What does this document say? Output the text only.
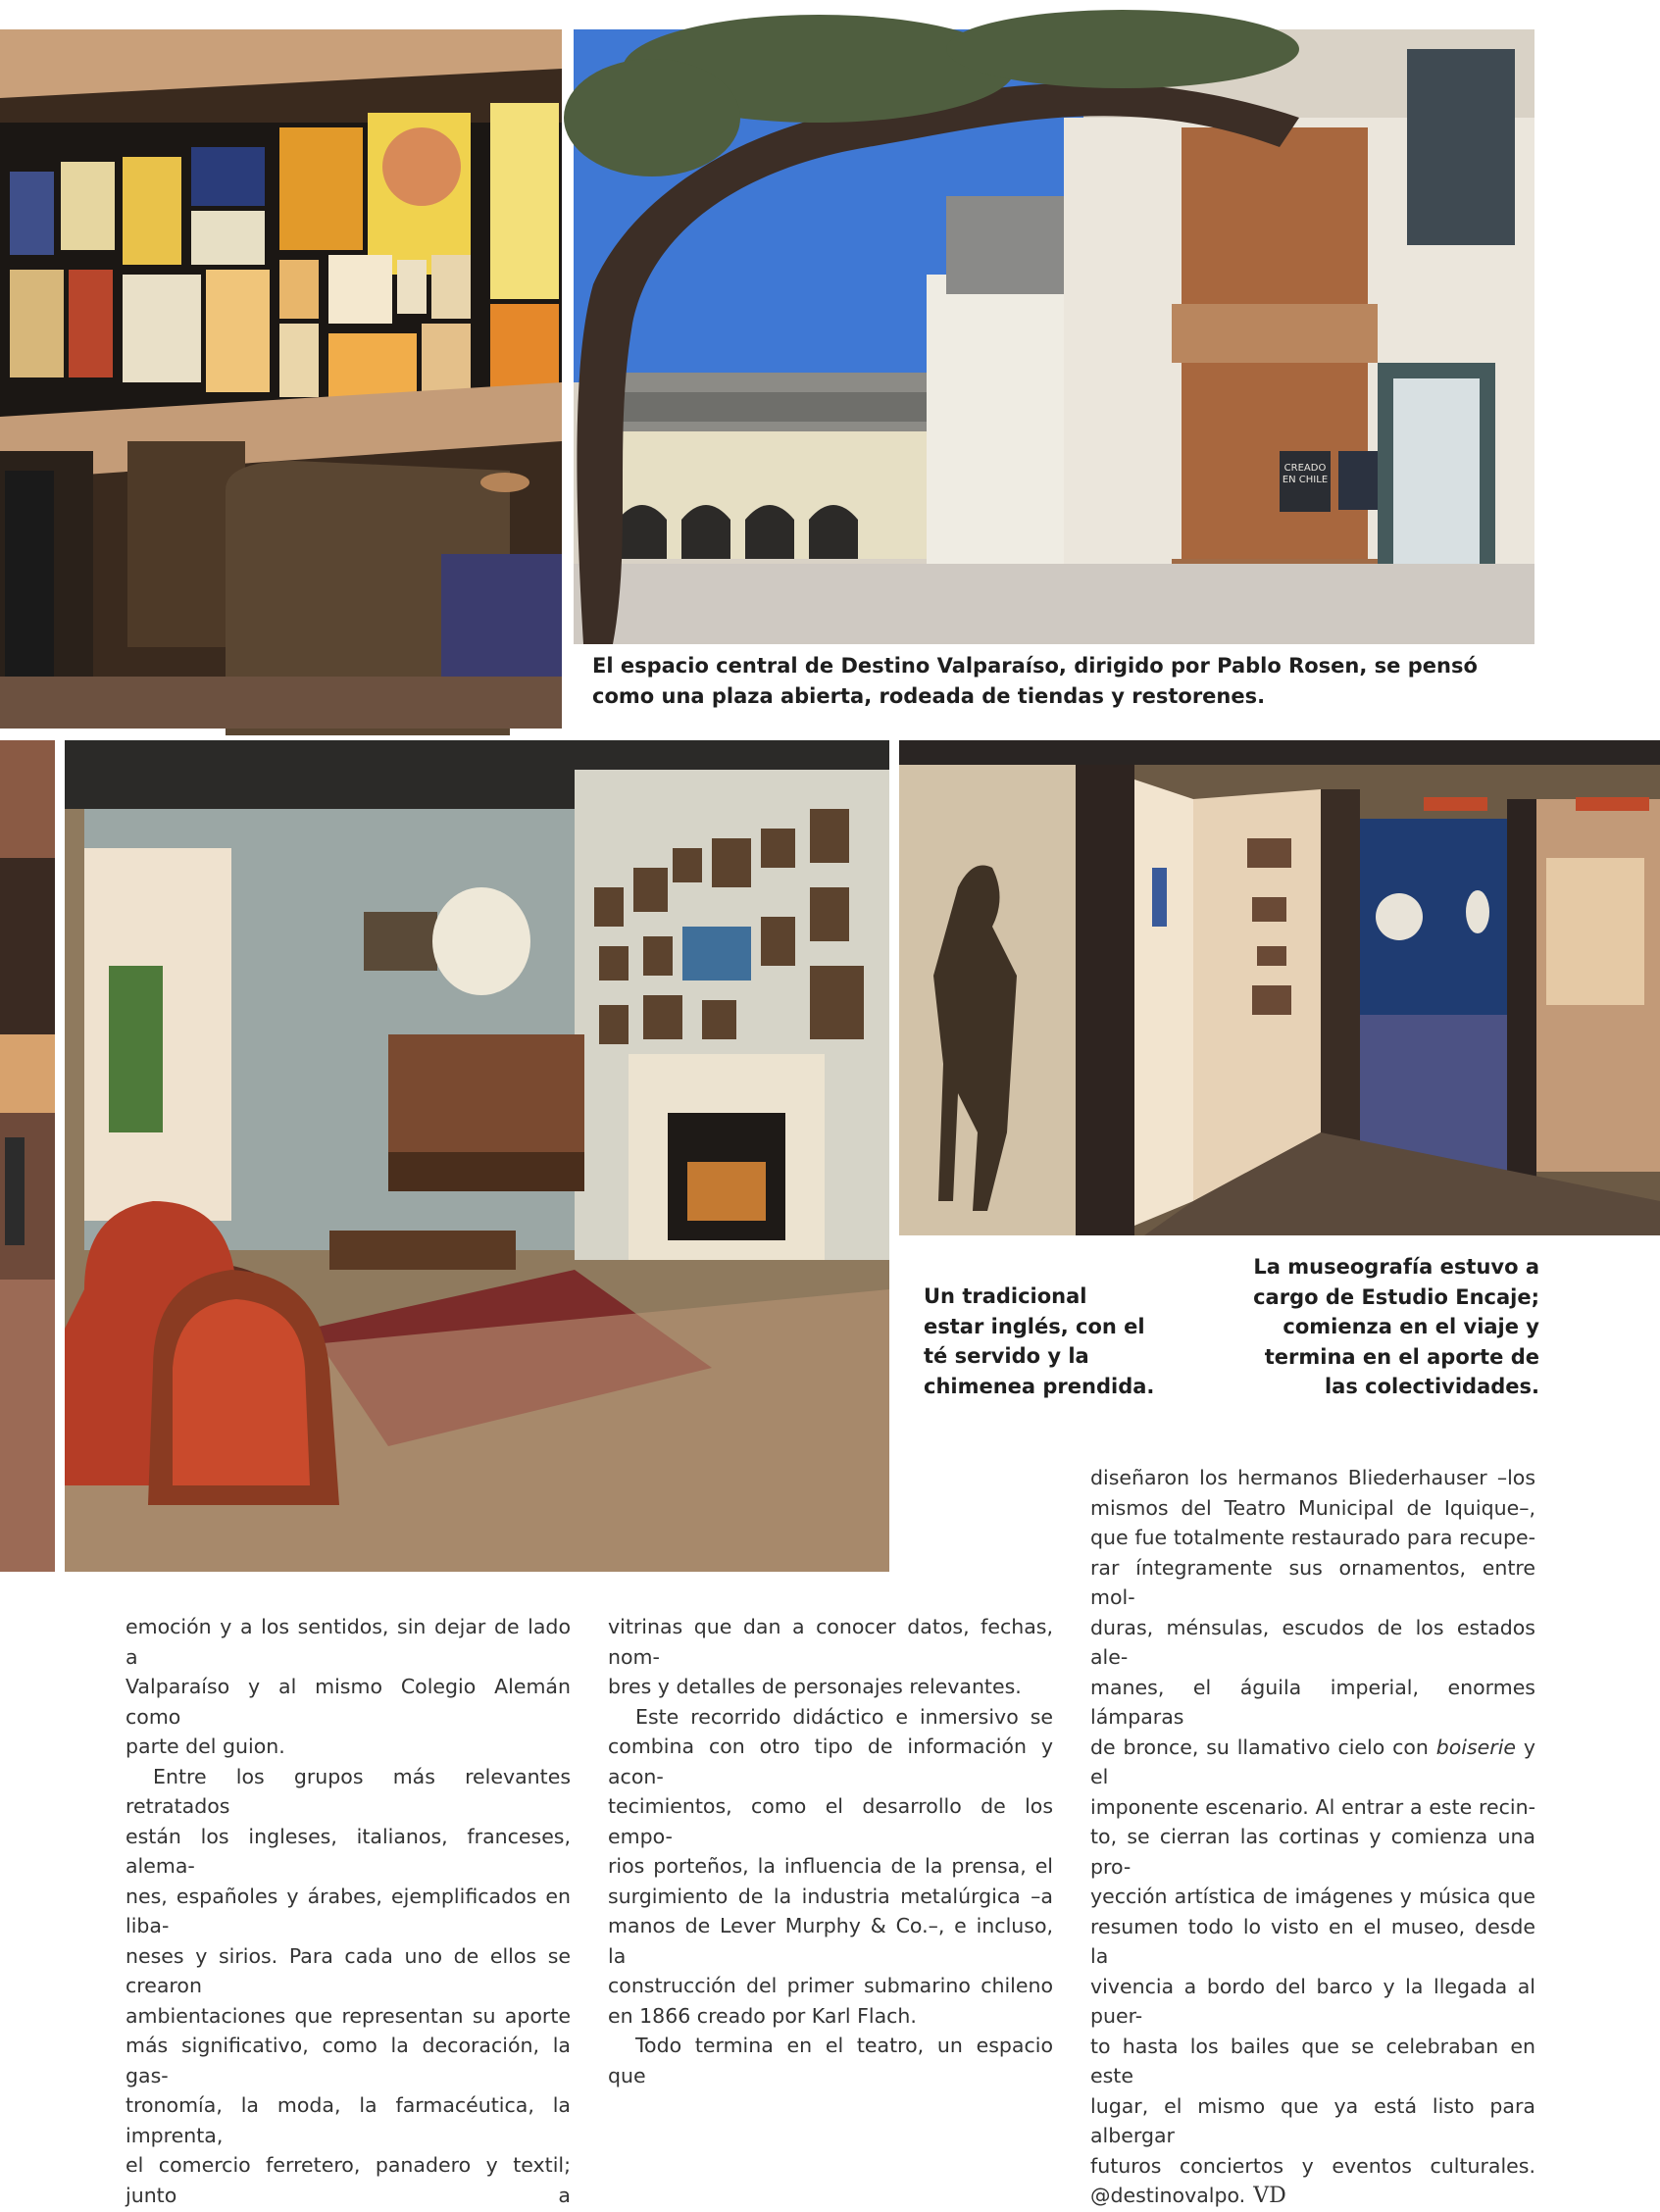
CREADO EN CHILE
El espacio central de Destino Valparaíso, dirigido por Pablo Rosen, se pensó como una plaza abierta, rodeada de tiendas y restorenes.
Un tradicional
estar inglés, con el
té servido y la
chimenea prendida.
La museografía estuvo a
cargo de Estudio Encaje;
comienza en el viaje y
termina en el aporte de
las colectividades.

emoción y a los sentidos, sin dejar de lado a

Valparaíso y al mismo Colegio Alemán como

parte del guion.

Entre los grupos más relevantes retratados

están los ingleses, italianos, franceses, alema-

nes, españoles y árabes, ejemplificados en liba-

neses y sirios. Para cada uno de ellos se crearon

ambientaciones que representan su aporte

más significativo, como la decoración, la gas-

tronomía, la moda, la farmacéutica, la imprenta,

el comercio ferretero, panadero y textil; junto a

vitrinas que dan a conocer datos, fechas, nom-

bres y detalles de personajes relevantes.

Este recorrido didáctico e inmersivo se

combina con otro tipo de información y acon-

tecimientos, como el desarrollo de los empo-

rios porteños, la influencia de la prensa, el

surgimiento de la industria metalúrgica –a

manos de Lever Murphy & Co.–, e incluso, la

construcción del primer submarino chileno

en 1866 creado por Karl Flach.

Todo termina en el teatro, un espacio que

diseñaron los hermanos Bliederhauser –los

mismos del Teatro Municipal de Iquique–,

que fue totalmente restaurado para recupe-

rar íntegramente sus ornamentos, entre mol-

duras, ménsulas, escudos de los estados ale-

manes, el águila imperial, enormes lámparas

de bronce, su llamativo cielo con boiserie y el

imponente escenario. Al entrar a este recin-

to, se cierran las cortinas y comienza una pro-

yección artística de imágenes y música que

resumen todo lo visto en el museo, desde la

vivencia a bordo del barco y la llegada al puer-

to hasta los bailes que se celebraban en este

lugar, el mismo que ya está listo para albergar

futuros conciertos y eventos culturales.

@destinovalpo. VD
